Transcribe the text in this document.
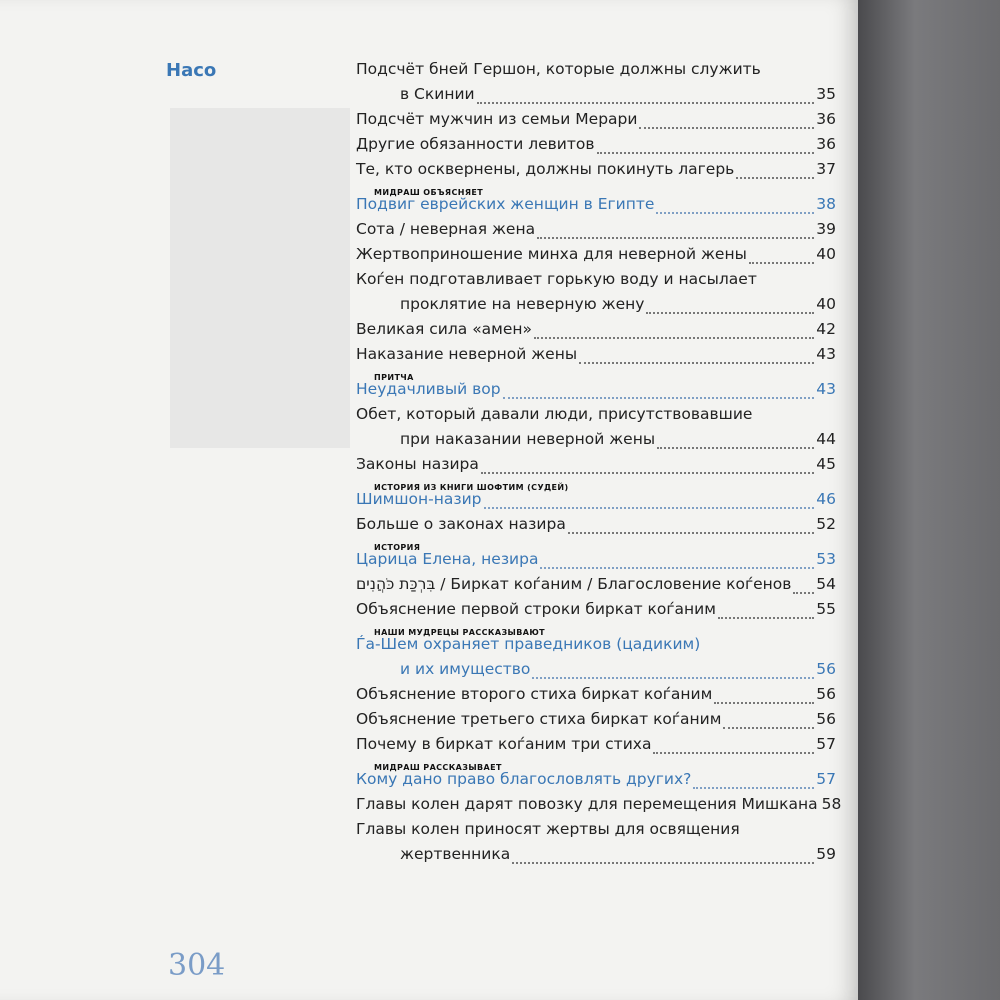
Насо	Подсчёт бней Гершон, которые должны служить
в Скинии	35
Подсчёт мужчин из семьи Мерари	36
Другие обязанности левитов	36
Те, кто осквернены, должны покинуть лагерь	37
МИДРАШ ОБЪЯСНЯЕТ
Подвиг еврейских женщин в Египте	38
Сота / неверная жена	39
Жертвоприношение минха для неверной жены	40
Коѓен подготавливает горькую воду и насылает
проклятие на неверную жену	40
Великая сила «амен»	42
Наказание неверной жены	43
ПРИТЧА
Неудачливый вор	43
Обет, который давали люди, присутствовавшие
при наказании неверной жены	44
Законы назира	45
ИСТОРИЯ ИЗ КНИГИ ШОФТИМ (СУДЕЙ)
Шимшон-назир	46
Больше о законах назира	52
ИСТОРИЯ
Царица Елена, незира	53
בִּרְכַּת כֹּהֲנִים / Биркат коѓаним / Благословение коѓенов 54
Объяснение первой строки биркат коѓаним	55
НАШИ МУДРЕЦЫ РАССКАЗЫВАЮТ
Ѓа-Шем охраняет праведников (цадиким)
и их имущество	56
Объяснение второго стиха биркат коѓаним	56
Объяснение третьего стиха биркат коѓаним	56
Почему в биркат коѓаним три стиха	57
МИДРАШ РАССКАЗЫВАЕТ
Кому дано право благословлять других?	57
Главы колен дарят повозку для перемещения Мишкана 58
Главы колен приносят жертвы для освящения
жертвенника	59
304
